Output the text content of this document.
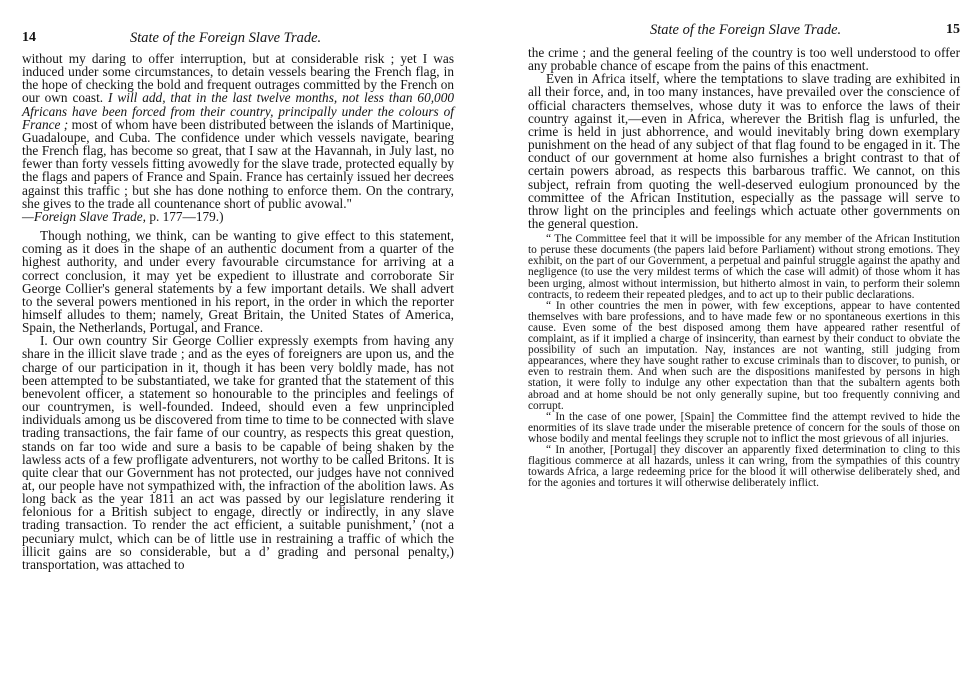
14	State of the Foreign Slave Trade.

without my daring to offer interruption, but at considerable risk ; yet I was induced under some circumstances, to detain vessels bearing the French flag, in the hope of checking the bold and frequent outrages committed by the French on our own coast. I will add, that in the last twelve months, not less than 60,000 Africans have been forced from their country, principally under the colours of France ; most of whom have been distributed between the islands of Martinique, Guadaloupe, and Cuba. The confidence under which vessels navigate, bearing the French flag, has become so great, that I saw at the Havannah, in July last, no fewer than forty vessels fitting avowedly for the slave trade, protected equally by the flags and papers of France and Spain. France has certainly issued her decrees against this traffic ; but she has done nothing to enforce them. On the contrary, she gives to the trade all countenance short of public avowal."
—Foreign Slave Trade, p. 177—179.)

Though nothing, we think, can be wanting to give effect to this statement, coming as it does in the shape of an authentic document from a quarter of the highest authority, and under every favourable circumstance for arriving at a correct conclusion, it may yet be expedient to illustrate and corroborate Sir George Collier's general statements by a few important details. We shall advert to the several powers mentioned in his report, in the order in which the reporter himself alludes to them; namely, Great Britain, the United States of America, Spain, the Netherlands, Portugal, and France.

I. Our own country Sir George Collier expressly exempts from having any share in the illicit slave trade ; and as the eyes of foreigners are upon us, and the charge of our participation in it, though it has been very boldly made, has not been attempted to be substantiated, we take for granted that the statement of this benevolent officer, a statement so honourable to the principles and feelings of our countrymen, is well-founded. Indeed, should even a few unprincipled individuals among us be discovered from time to time to be connected with slave trading transactions, the fair fame of our country, as respects this great question, stands on far too wide and sure a basis to be capable of being shaken by the lawless acts of a few profligate adventurers, not worthy to be called Britons. It is quite clear that our Government has not protected, our judges have not connived at, our people have not sympathized with, the infraction of the abolition laws. As long back as the year 1811 an act was passed by our legislature rendering it felonious for a British subject to engage, directly or indirectly, in any slave trading transaction. To render the act efficient, a suitable punishment,’ (not a pecuniary mulct, which can be of little use in restraining a traffic of which the illicit gains are so considerable, but a d’ grading and personal penalty,) transportation, was attached to

State of the Foreign Slave Trade.	15

the crime ; and the general feeling of the country is too well understood to offer any probable chance of escape from the pains of this enactment.

Even in Africa itself, where the temptations to slave trading are exhibited in all their force, and, in too many instances, have prevailed over the conscience of official characters themselves, whose duty it was to enforce the laws of their country against it,—even in Africa, wherever the British flag is unfurled, the crime is held in just abhorrence, and would inevitably bring down exemplary punishment on the head of any subject of that flag found to be engaged in it. The conduct of our government at home also furnishes a bright contrast to that of certain powers abroad, as respects this barbarous traffic. We cannot, on this subject, refrain from quoting the well-deserved eulogium pronounced by the committee of the African Institution, especially as the passage will serve to throw light on the principles and feelings which actuate other governments on the general question.

“ The Committee feel that it will be impossible for any member of the African Institution to peruse these documents (the papers laid before Parliament) without strong emotions. They exhibit, on the part of our Government, a perpetual and painful struggle against the apathy and negligence (to use the very mildest terms of which the case will admit) of those whom it has been urging, almost without intermission, but hitherto almost in vain, to perform their solemn contracts, to redeem their repeated pledges, and to act up to their public declarations.

“ In other countries the men in power, with few exceptions, appear to have contented themselves with bare professions, and to have made few or no spontaneous exertions in this cause. Even some of the best disposed among them have appeared rather resentful of complaint, as if it implied a charge of insincerity, than earnest by their conduct to obviate the possibility of such an imputation. Nay, instances are not wanting, still judging from appearances, where they have sought rather to excuse criminals than to discover, to punish, or even to restrain them. And when such are the dispositions manifested by persons in high station, it were folly to indulge any other expectation than that the subaltern agents both abroad and at home should be not only generally supine, but too frequently conniving and corrupt.

“ In the case of one power, [Spain] the Committee find the attempt revived to hide the enormities of its slave trade under the miserable pretence of concern for the souls of those on whose bodily and mental feelings they scruple not to inflict the most grievous of all injuries.

“ In another, [Portugal] they discover an apparently fixed determination to cling to this flagitious commerce at all hazards, unless it can wring, from the sympathies of this country towards Africa, a large redeeming price for the blood it will otherwise deliberately shed, and for the agonies and tortures it will otherwise deliberately inflict.
